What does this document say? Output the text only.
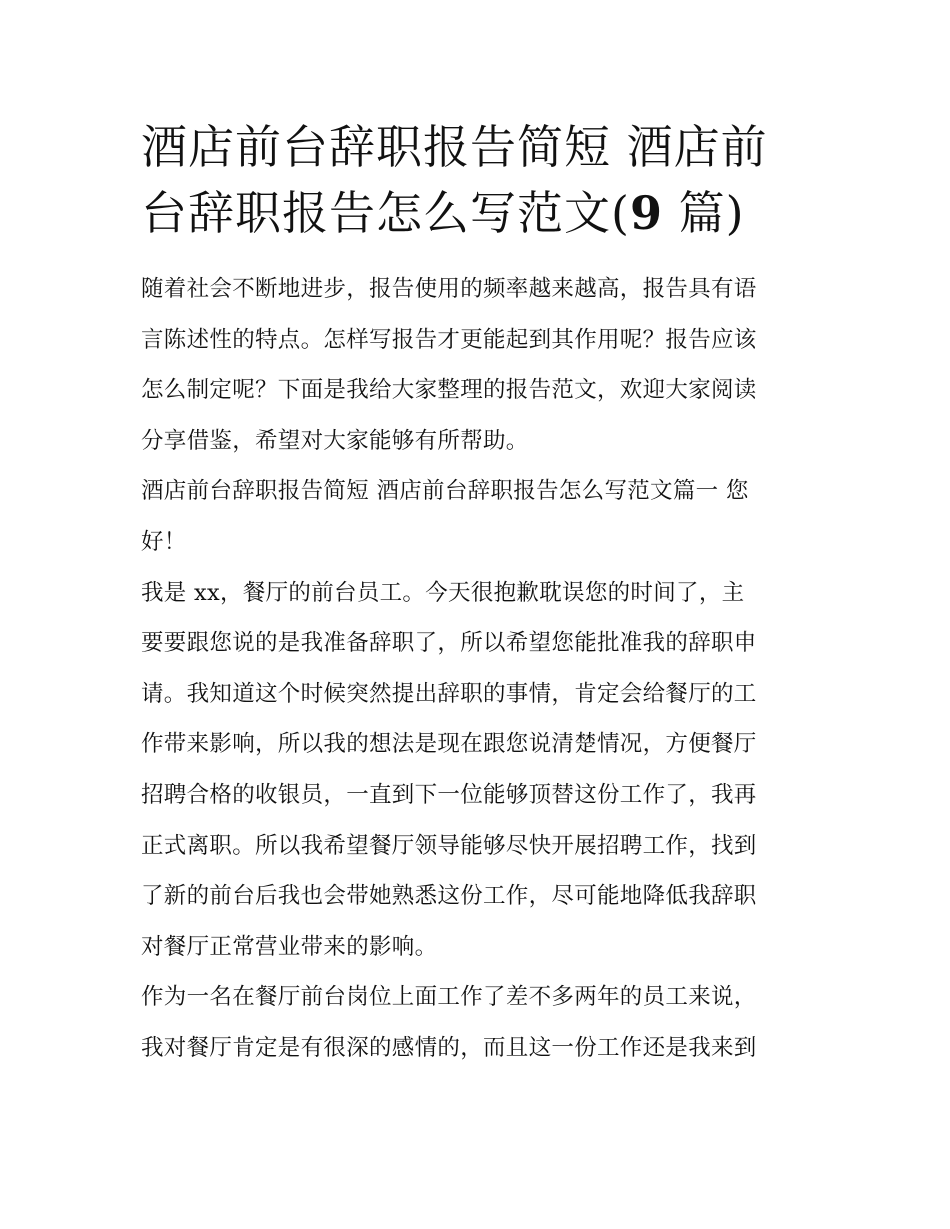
酒店前台辞职报告简短 酒店前
台辞职报告怎么写范文(9 篇)

随着社会不断地进步，报告使用的频率越来越高，报告具有语
言陈述性的特点。怎样写报告才更能起到其作用呢？报告应该
怎么制定呢？下面是我给大家整理的报告范文，欢迎大家阅读
分享借鉴，希望对大家能够有所帮助。

酒店前台辞职报告简短 酒店前台辞职报告怎么写范文篇一 您
好！

我是 xx，餐厅的前台员工。今天很抱歉耽误您的时间了，主
要要跟您说的是我准备辞职了，所以希望您能批准我的辞职申
请。我知道这个时候突然提出辞职的事情，肯定会给餐厅的工
作带来影响，所以我的想法是现在跟您说清楚情况，方便餐厅
招聘合格的收银员，一直到下一位能够顶替这份工作了，我再
正式离职。所以我希望餐厅领导能够尽快开展招聘工作，找到
了新的前台后我也会带她熟悉这份工作，尽可能地降低我辞职
对餐厅正常营业带来的影响。

作为一名在餐厅前台岗位上面工作了差不多两年的员工来说，
我对餐厅肯定是有很深的感情的，而且这一份工作还是我来到
